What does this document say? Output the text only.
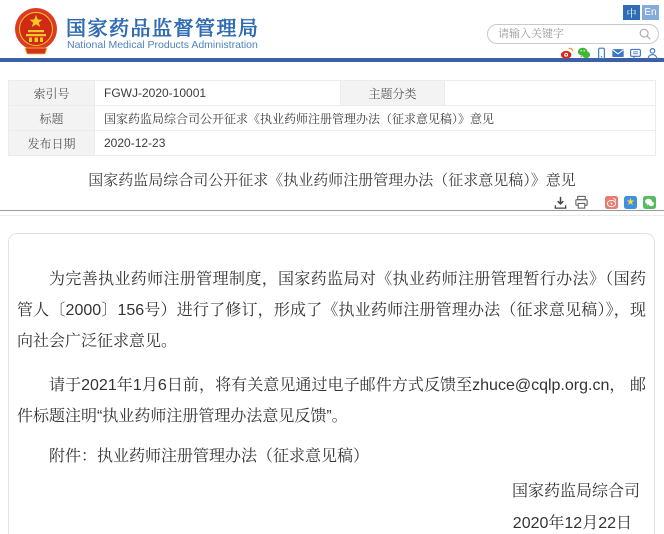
国家药品监督管理局
National Medical Products Administration
中 En
请输入关键字
索引号	FGWJ-2020-10001	主题分类
标题	国家药监局综合司公开征求《执业药师注册管理办法（征求意见稿）》意见
发布日期	2020-12-23
国家药监局综合司公开征求《执业药师注册管理办法（征求意见稿）》意见
★

为完善执业药师注册管理制度，国家药监局对《执业药师注册管理暂行办法》（国药管人〔2000〕156号）进行了修订，形成了《执业药师注册管理办法（征求意见稿）》，现向社会广泛征求意见。

请于2021年1月6日前，将有关意见通过电子邮件方式反馈至zhuce@cqlp.org.cn， 邮件标题注明“执业药师注册管理办法意见反馈”。

附件：执业药师注册管理办法（征求意见稿）

国家药监局综合司
2020年12月22日
